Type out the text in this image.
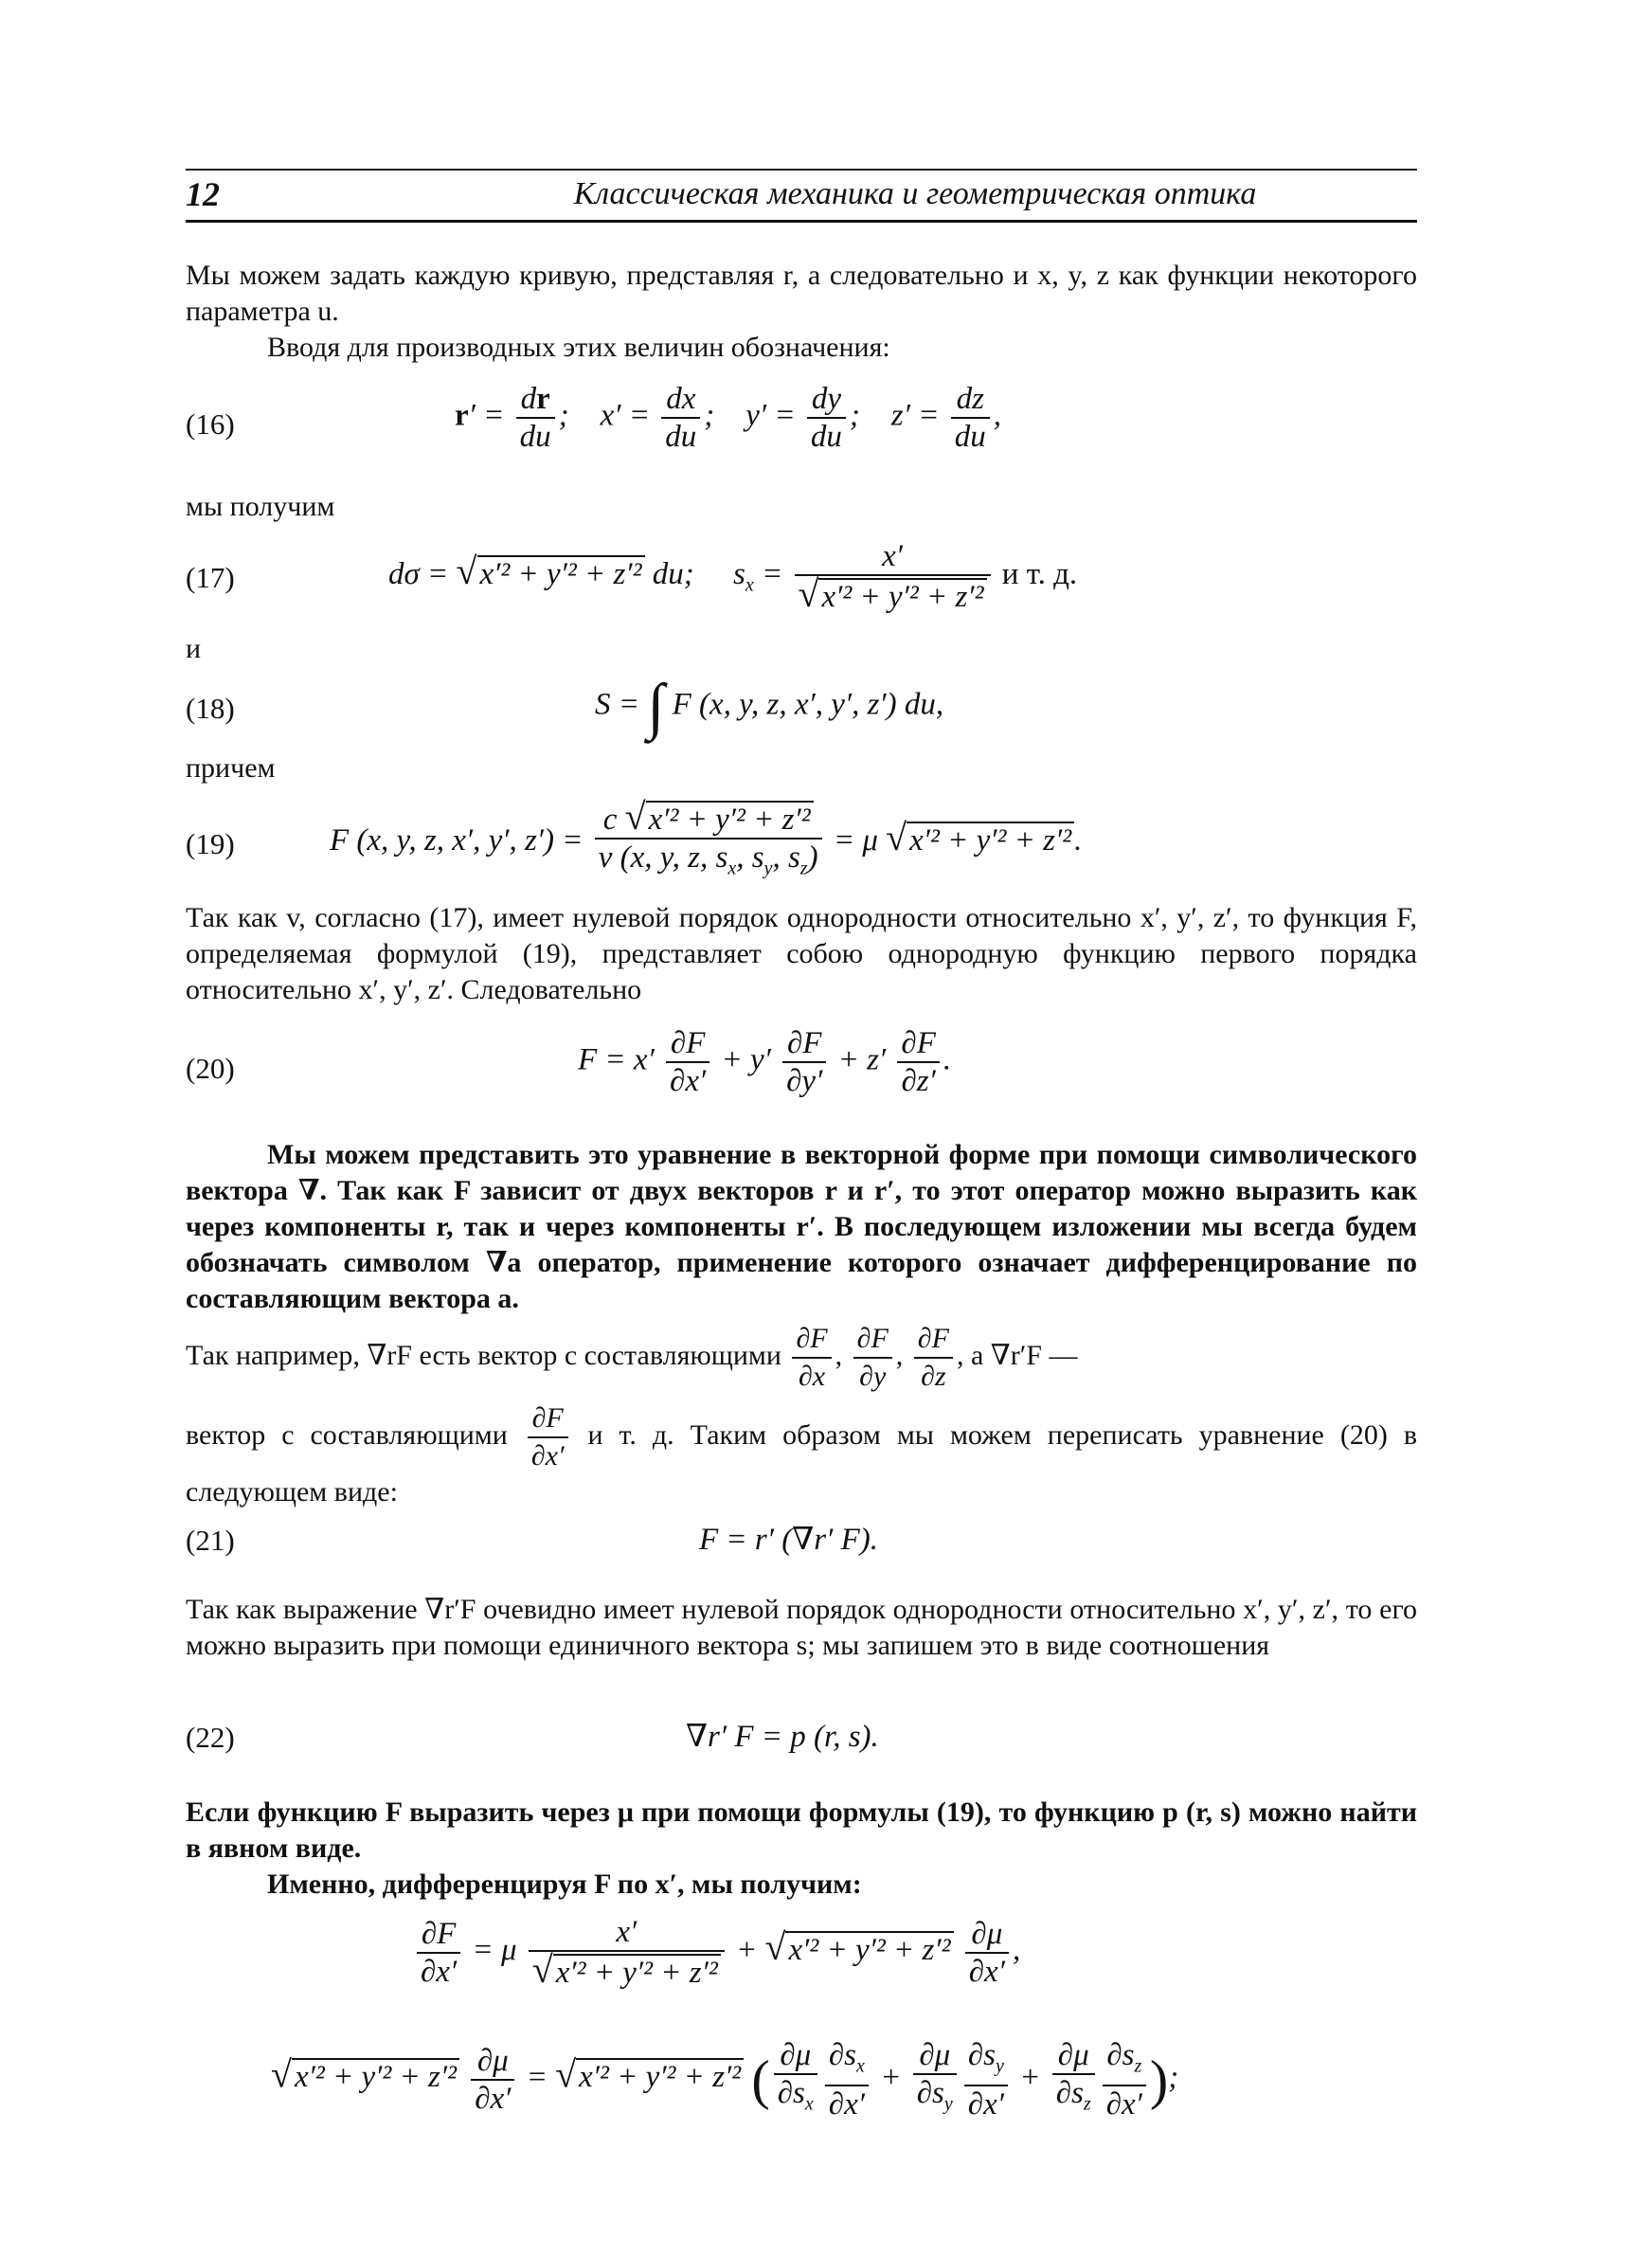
12	Классическая механика и геометрическая оптика

Мы можем задать каждую кривую, представляя r, а следовательно и x, y, z как функции некоторого параметра u.

Вводя для производных этих величин обозначения:

(16)	$r' = \frac{dr}{du}$ ;    $x' = \frac{dx}{du}$ ;    $y' = \frac{dy}{du}$ ;    $z' = \frac{dz}{du}$ ,
мы получим
(17)	dσ = √x′² + y′² + z′² du;     $s_x = \frac{x'}{\text{√x′² + y′² + z′²}}$ и т. д.
и
(18)	S = ∫ F (x, y, z, x′, y′, z′) du,
причем
(19)	F (x, y, z, x′, y′, $z') = \frac{\text{c √x′² + y′² + z′²}}{v (x, y, z, s_x, s_y, s_z)} = \mu$ √x′² + y′² + z′².

Так как v, согласно (17), имеет нулевой порядок однородности относительно x′, y′, z′, то функция F, определяемая формулой (19), представляет собою однородную функцию первого порядка относительно x′, y′, z′. Следовательно

(20)	$F = x' \frac{\partial F}{\partial x'} + y' \frac{\partial F}{\partial y'} + z' \frac{\partial F}{\partial z'}$ .

Мы можем представить это уравнение в векторной форме при помощи символического вектора ∇. Так как F зависит от двух векторов r и r′, то этот оператор можно выразить как через компоненты r, так и через компоненты r′. В последующем изложении мы всегда будем обозначать символом ∇a оператор, применение которого означает дифференцирование по составляющим вектора a.

Так например, ∇rF есть вектор с составляющими $\frac{\partial F}{\partial x}$ , $\frac{\partial F}{\partial y}$ , $\frac{\partial F}{\partial z}$ , а ∇r′F —
вектор с составляющими $\frac{\partial F}{\partial x'}$ и т. д. Таким образом мы можем переписать уравнение (20) в следующем виде:
(21)	F = r′ (∇r′ F).

Так как выражение ∇r′F очевидно имеет нулевой порядок однородности относительно x′, y′, z′, то его можно выразить при помощи единичного вектора s; мы запишем это в виде соотношения

(22)	∇r′ F = p (r, s).

Если функцию F выразить через μ при помощи формулы (19), то функцию p (r, s) можно найти в явном виде.

Именно, дифференцируя F по x′, мы получим:

$\frac{\partial F}{\partial x'} = \mu \frac{x'}{\text{√x′² + y′² + z′²}} + √x'^2 + y'^2 + z'^2 \frac{\partial\mu}{\partial x'}$ ,
$√x'^2 + y'^2 + z'^2 \frac{\partial\mu}{\partial x'} = √x'^2 + y'^2 + z'^2$ ( $\frac{\partial\mu}{\partial s_x} \frac{\partial s_x}{\partial x'} + \frac{\partial\mu}{\partial s_y} \frac{\partial s_y}{\partial x'} + \frac{\partial\mu}{\partial s_z} \frac{\partial s_z}{\partial x'}$ );
